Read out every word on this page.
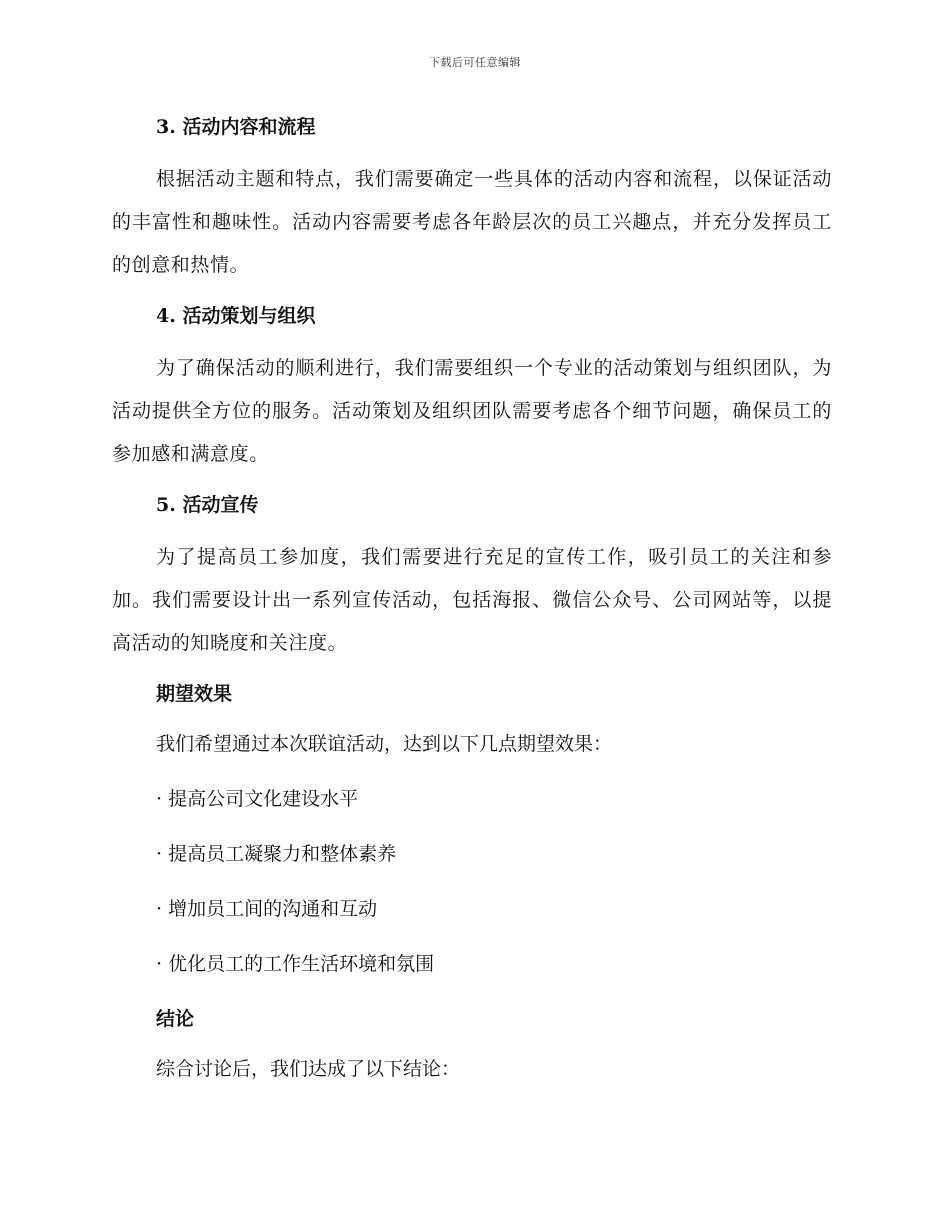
下载后可任意编辑
3. 活动内容和流程

根据活动主题和特点，我们需要确定一些具体的活动内容和流程，以保证活动的丰富性和趣味性。活动内容需要考虑各年龄层次的员工兴趣点，并充分发挥员工的创意和热情。

4. 活动策划与组织

为了确保活动的顺利进行，我们需要组织一个专业的活动策划与组织团队，为活动提供全方位的服务。活动策划及组织团队需要考虑各个细节问题，确保员工的参加感和满意度。

5. 活动宣传

为了提高员工参加度，我们需要进行充足的宣传工作，吸引员工的关注和参加。我们需要设计出一系列宣传活动，包括海报、微信公众号、公司网站等，以提高活动的知晓度和关注度。

期望效果
我们希望通过本次联谊活动，达到以下几点期望效果：
· 提高公司文化建设水平
· 提高员工凝聚力和整体素养
· 增加员工间的沟通和互动
· 优化员工的工作生活环境和氛围
结论
综合讨论后，我们达成了以下结论：
